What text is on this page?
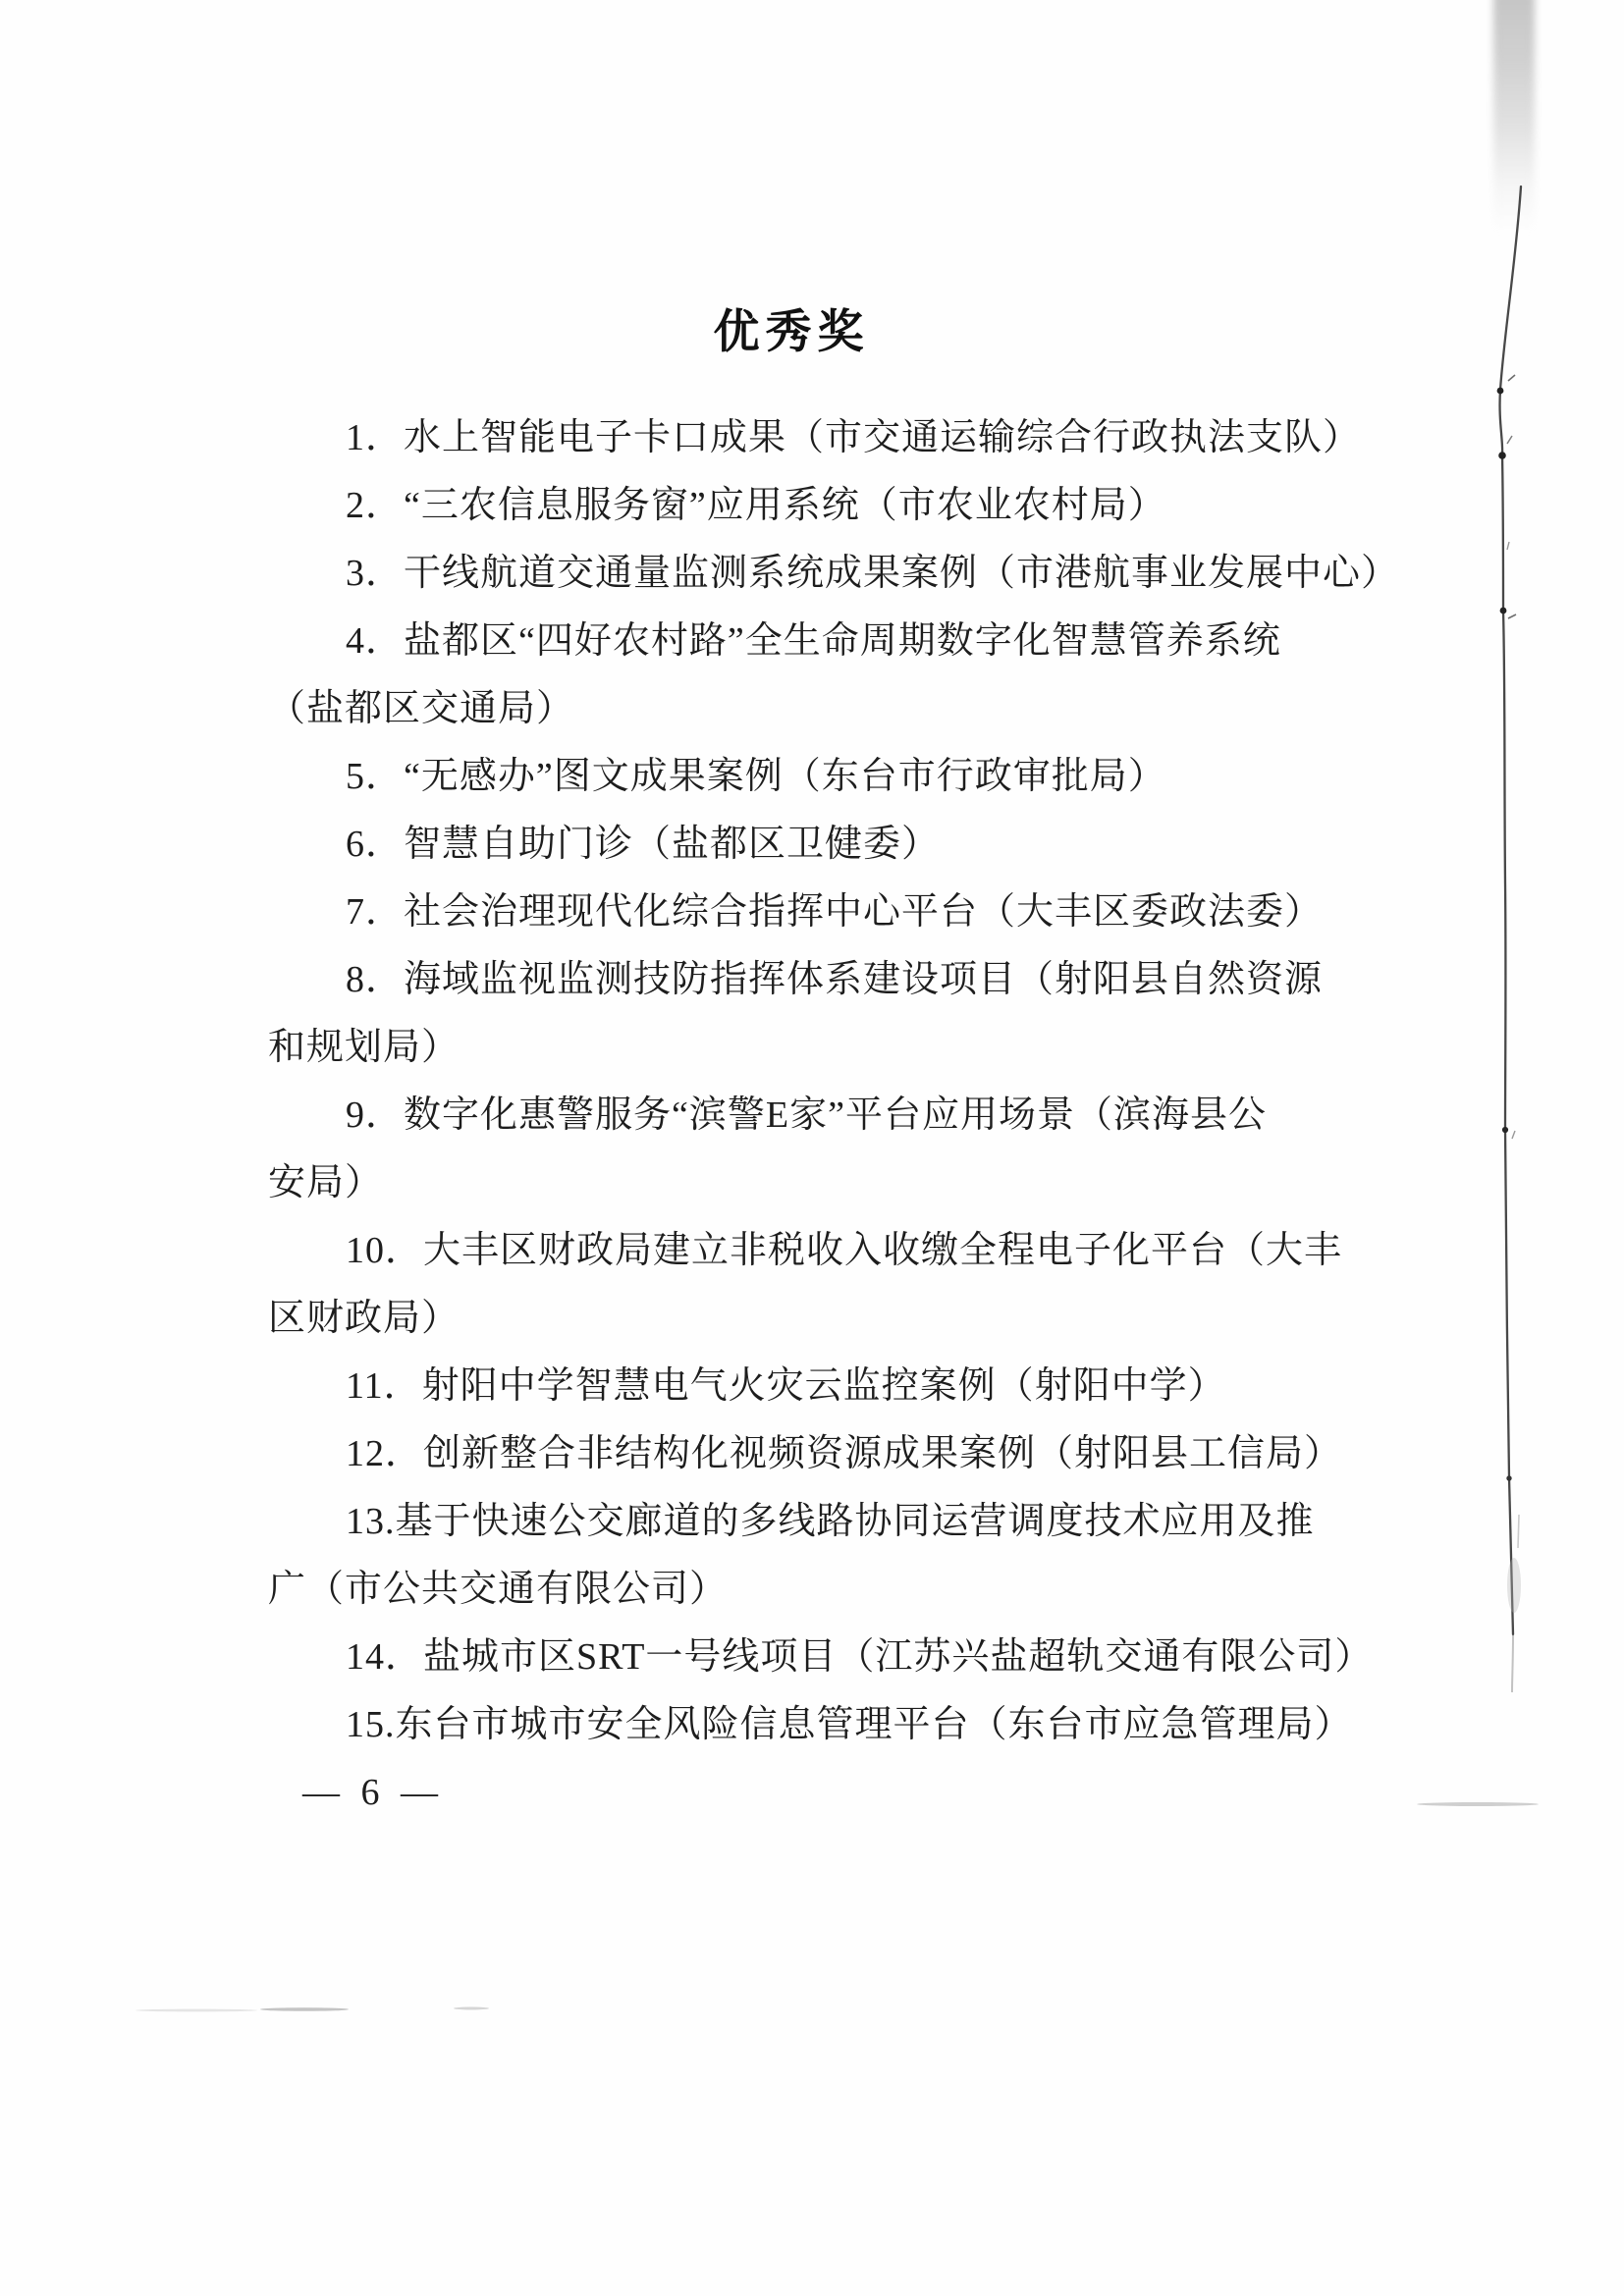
优秀奖
1．水上智能电子卡口成果（市交通运输综合行政执法支队）
2．“三农信息服务窗”应用系统（市农业农村局）
3．干线航道交通量监测系统成果案例（市港航事业发展中心）
4．盐都区“四好农村路”全生命周期数字化智慧管养系统
（盐都区交通局）
5．“无感办”图文成果案例（东台市行政审批局）
6．智慧自助门诊（盐都区卫健委）
7．社会治理现代化综合指挥中心平台（大丰区委政法委）
8．海域监视监测技防指挥体系建设项目（射阳县自然资源
和规划局）
9．数字化惠警服务“滨警E家”平台应用场景（滨海县公
安局）
10．大丰区财政局建立非税收入收缴全程电子化平台（大丰
区财政局）
11．射阳中学智慧电气火灾云监控案例（射阳中学）
12．创新整合非结构化视频资源成果案例（射阳县工信局）
13.基于快速公交廊道的多线路协同运营调度技术应用及推
广（市公共交通有限公司）
14．盐城市区SRT一号线项目（江苏兴盐超轨交通有限公司）
15.东台市城市安全风险信息管理平台（东台市应急管理局）
— 6 —
